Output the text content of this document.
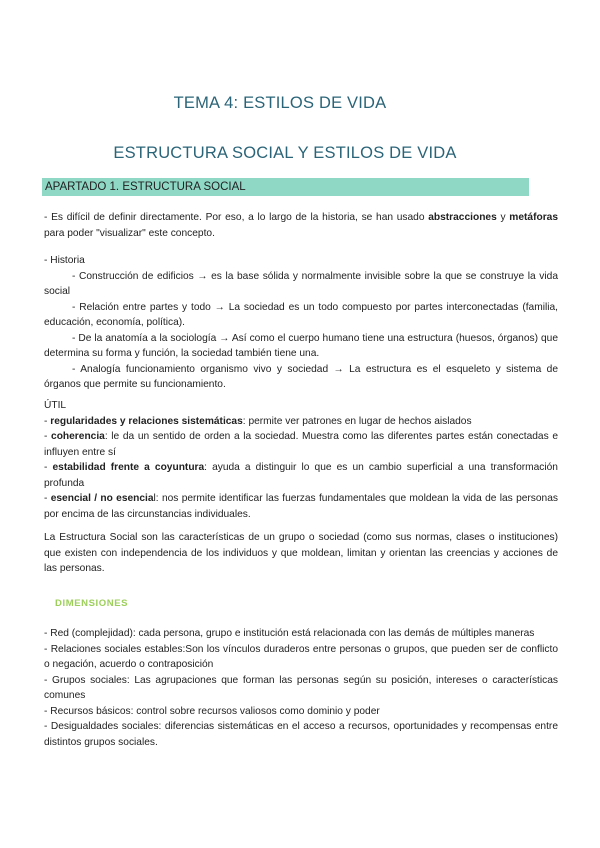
TEMA 4: ESTILOS DE VIDA
ESTRUCTURA SOCIAL Y ESTILOS DE VIDA
APARTADO 1. ESTRUCTURA SOCIAL

- Es difícil de definir directamente. Por eso, a lo largo de la historia, se han usado abstracciones y metáforas para poder "visualizar" este concepto.

- Historia

- Construcción de edificios → es la base sólida y normalmente invisible sobre la que se construye la vida social

- Relación entre partes y todo → La sociedad es un todo compuesto por partes interconectadas (familia, educación, economía, política).

- De la anatomía a la sociología → Así como el cuerpo humano tiene una estructura (huesos, órganos) que determina su forma y función, la sociedad también tiene una.

- Analogía funcionamiento organismo vivo y sociedad → La estructura es el esqueleto y sistema de órganos que permite su funcionamiento.

ÚTIL

- regularidades y relaciones sistemáticas: permite ver patrones en lugar de hechos aislados

- coherencia: le da un sentido de orden a la sociedad. Muestra como las diferentes partes están conectadas e influyen entre sí

- estabilidad frente a coyuntura: ayuda a distinguir lo que es un cambio superficial a una transformación profunda

- esencial / no esencial: nos permite identificar las fuerzas fundamentales que moldean la vida de las personas por encima de las circunstancias individuales.

La Estructura Social son las características de un grupo o sociedad (como sus normas, clases o instituciones) que existen con independencia de los individuos y que moldean, limitan y orientan las creencias y acciones de las personas.

DIMENSIONES

- Red (complejidad): cada persona, grupo e institución está relacionada con las demás de múltiples maneras

- Relaciones sociales estables:Son los vínculos duraderos entre personas o grupos, que pueden ser de conflicto o negación, acuerdo o contraposición

- Grupos sociales: Las agrupaciones que forman las personas según su posición, intereses o características comunes

- Recursos básicos: control sobre recursos valiosos como dominio y poder

- Desigualdades sociales: diferencias sistemáticas en el acceso a recursos, oportunidades y recompensas entre distintos grupos sociales.
